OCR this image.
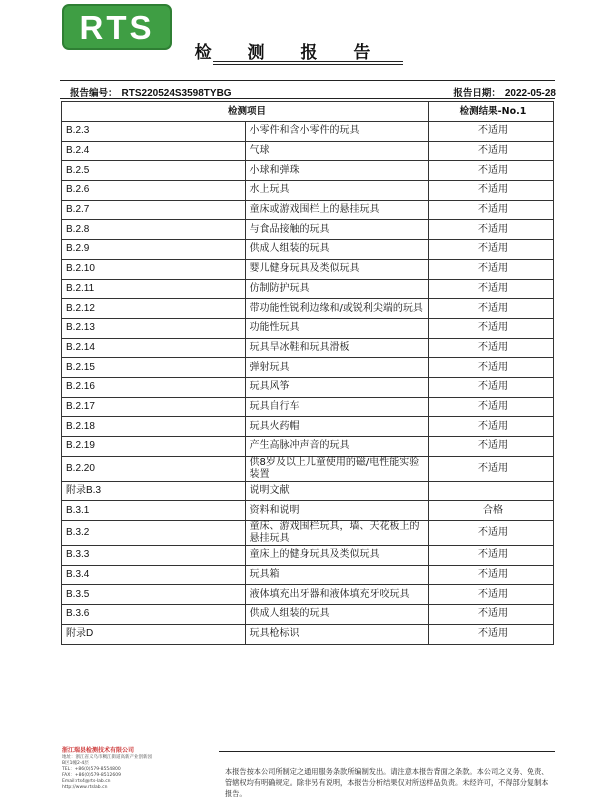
RTS
检 测 报 告
报告编号： RTS220524S3598TYBG	报告日期： 2022-05-28
检测项目		检测结果-No.1
B.2.3	小零件和含小零件的玩具	不适用
B.2.4	气球	不适用
B.2.5	小球和弹珠	不适用
B.2.6	水上玩具	不适用
B.2.7	童床或游戏围栏上的悬挂玩具	不适用
B.2.8	与食品接触的玩具	不适用
B.2.9	供成人组装的玩具	不适用
B.2.10	婴儿健身玩具及类似玩具	不适用
B.2.11	仿制防护玩具	不适用
B.2.12	带功能性锐利边缘和/或锐利尖端的玩具	不适用
B.2.13	功能性玩具	不适用
B.2.14	玩具旱冰鞋和玩具滑板	不适用
B.2.15	弹射玩具	不适用
B.2.16	玩具风筝	不适用
B.2.17	玩具自行车	不适用
B.2.18	玩具火药帽	不适用
B.2.19	产生高脉冲声音的玩具	不适用
B.2.20	供8岁及以上儿童使用的磁/电性能实验装置	不适用
附录B.3	说明文献	
B.3.1	资料和说明	合格
B.3.2	童床、游戏围栏玩具，墙、天花板上的悬挂玩具	不适用
B.3.3	童床上的健身玩具及类似玩具	不适用
B.3.4	玩具箱	不适用
B.3.5	液体填充出牙器和液体填充牙咬玩具	不适用
B.3.6	供成人组装的玩具	不适用
附录D	玩具枪标识	不适用
浙江瑞县检测技术有限公司
地址：浙江省义乌市稠江街道高新产业创新园
B区1幢2-4层
TEL：+86(0)579-8554800
FAX：+86(0)579-8512609
Email:rts4@rts-lab.cn
http://www.rtslab.cn
本报告按本公司所制定之通用服务条款所编制发出。请注意本报告背面之条款。本公司之义务、免责、管辖权均有明确规定。除非另有说明，本报告分析结果仅对所送样品负责。未经许可，不得部分复制本报告。
